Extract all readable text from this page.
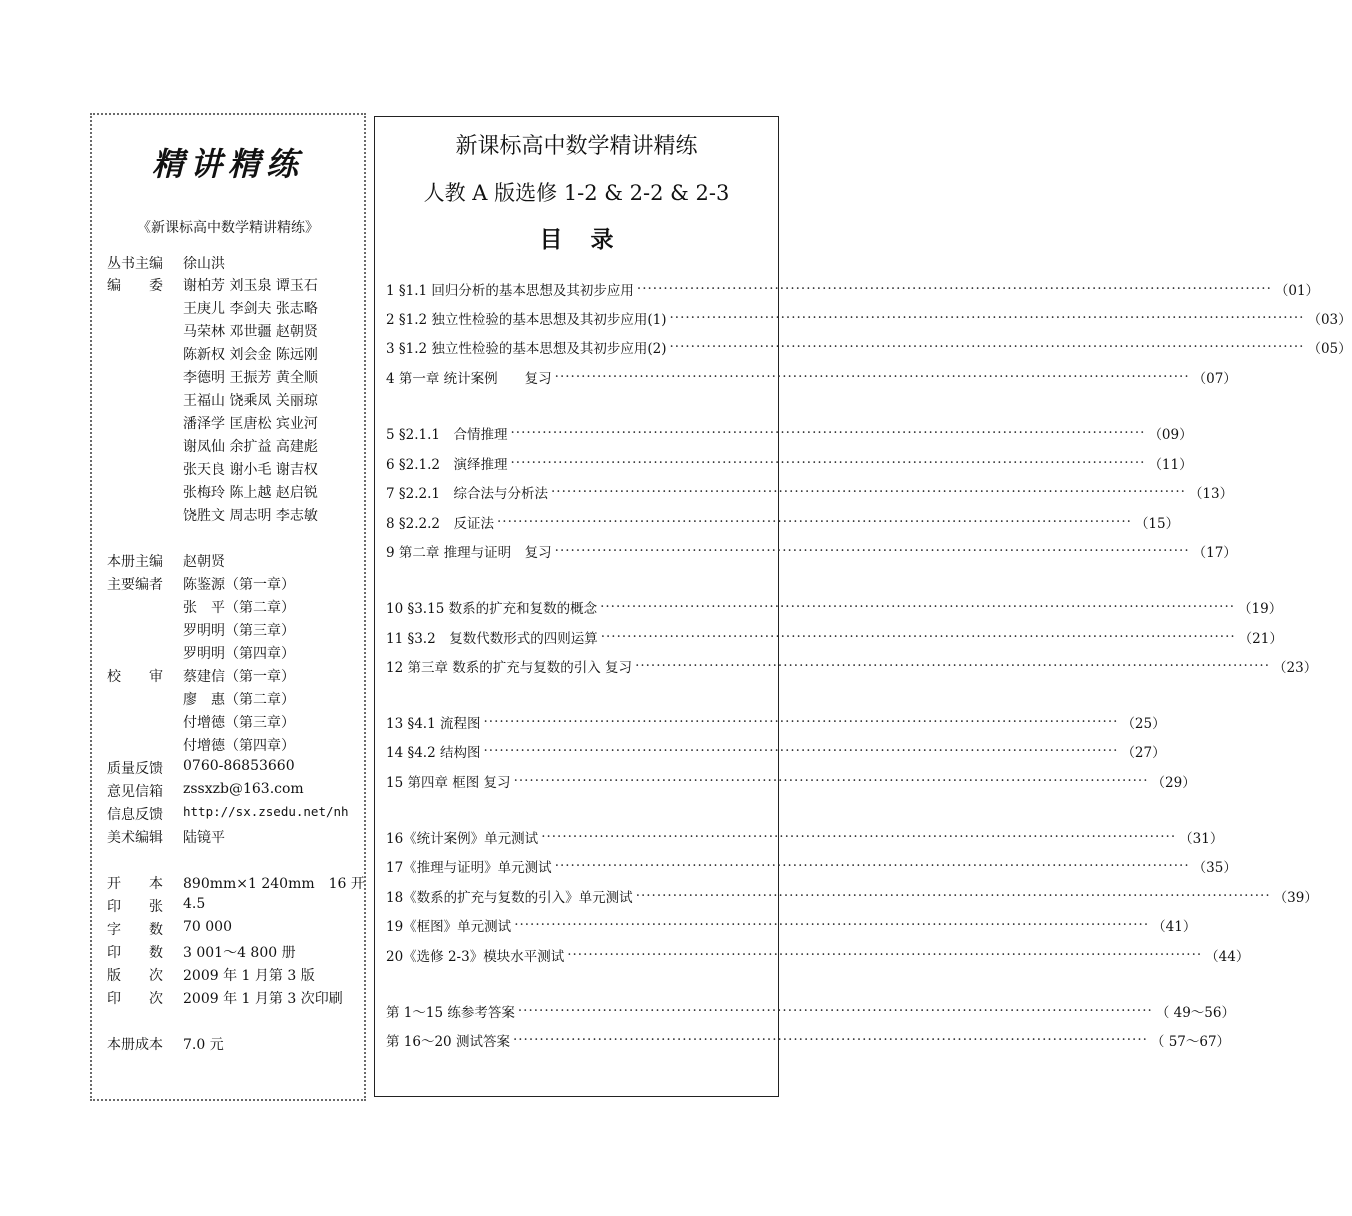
精讲精练
《新课标高中数学精讲精练》
丛书主编 徐山洪
编　　委 谢柏芳 刘玉泉 谭玉石
王庚儿 李剑夫 张志略
马荣林 邓世疆 赵朝贤
陈新权 刘会金 陈远刚
李德明 王振芳 黄全顺
王福山 饶乘凤 关丽琼
潘泽学 匡唐松 宾业河
谢凤仙 余扩益 高建彪
张天良 谢小毛 谢吉权
张梅玲 陈上越 赵启锐
饶胜文 周志明 李志敏
本册主编 赵朝贤
主要编者 陈鉴源（第一章）
张　平（第二章）
罗明明（第三章）
罗明明（第四章）
校　　审 蔡建信（第一章）
廖　惠（第二章）
付增德（第三章）
付增德（第四章）
质量反馈 0760-86853660
意见信箱 zssxzb@163.com
信息反馈 http://sx.zsedu.net/nh
美术编辑 陆镜平
开　　本 890mm×1 240mm　16 开
印　　张 4.5
字　　数 70 000
印　　数 3 001～4 800 册
版　　次 2009 年 1 月第 3 版
印　　次 2009 年 1 月第 3 次印刷
本册成本 7.0 元
新课标高中数学精讲精练
人教 A 版选修 1-2 & 2-2 & 2-3
目录
1 §1.1 回归分析的基本思想及其初步应用 ························································································································ （01）
2 §1.2 独立性检验的基本思想及其初步应用(1) ························································································································ （03）
3 §1.2 独立性检验的基本思想及其初步应用(2) ························································································································ （05）
4 第一章 统计案例　　复习 ························································································································ （07）
5 §2.1.1　合情推理 ························································································································ （09）
6 §2.1.2　演绎推理 ························································································································ （11）
7 §2.2.1　综合法与分析法 ························································································································ （13）
8 §2.2.2　反证法 ························································································································ （15）
9 第二章 推理与证明　复习 ························································································································ （17）
10 §3.15 数系的扩充和复数的概念 ························································································································ （19）
11 §3.2　复数代数形式的四则运算 ························································································································ （21）
12 第三章 数系的扩充与复数的引入 复习 ························································································································ （23）
13 §4.1 流程图 ························································································································ （25）
14 §4.2 结构图 ························································································································ （27）
15 第四章 框图 复习 ························································································································ （29）
16《统计案例》单元测试 ························································································································ （31）
17《推理与证明》单元测试 ························································································································ （35）
18《数系的扩充与复数的引入》单元测试 ························································································································ （39）
19《框图》单元测试 ························································································································ （41）
20《选修 2-3》模块水平测试 ························································································································ （44）
第 1～15 练参考答案 ························································································································ （ 49～56）
第 16～20 测试答案 ························································································································ （ 57～67）
